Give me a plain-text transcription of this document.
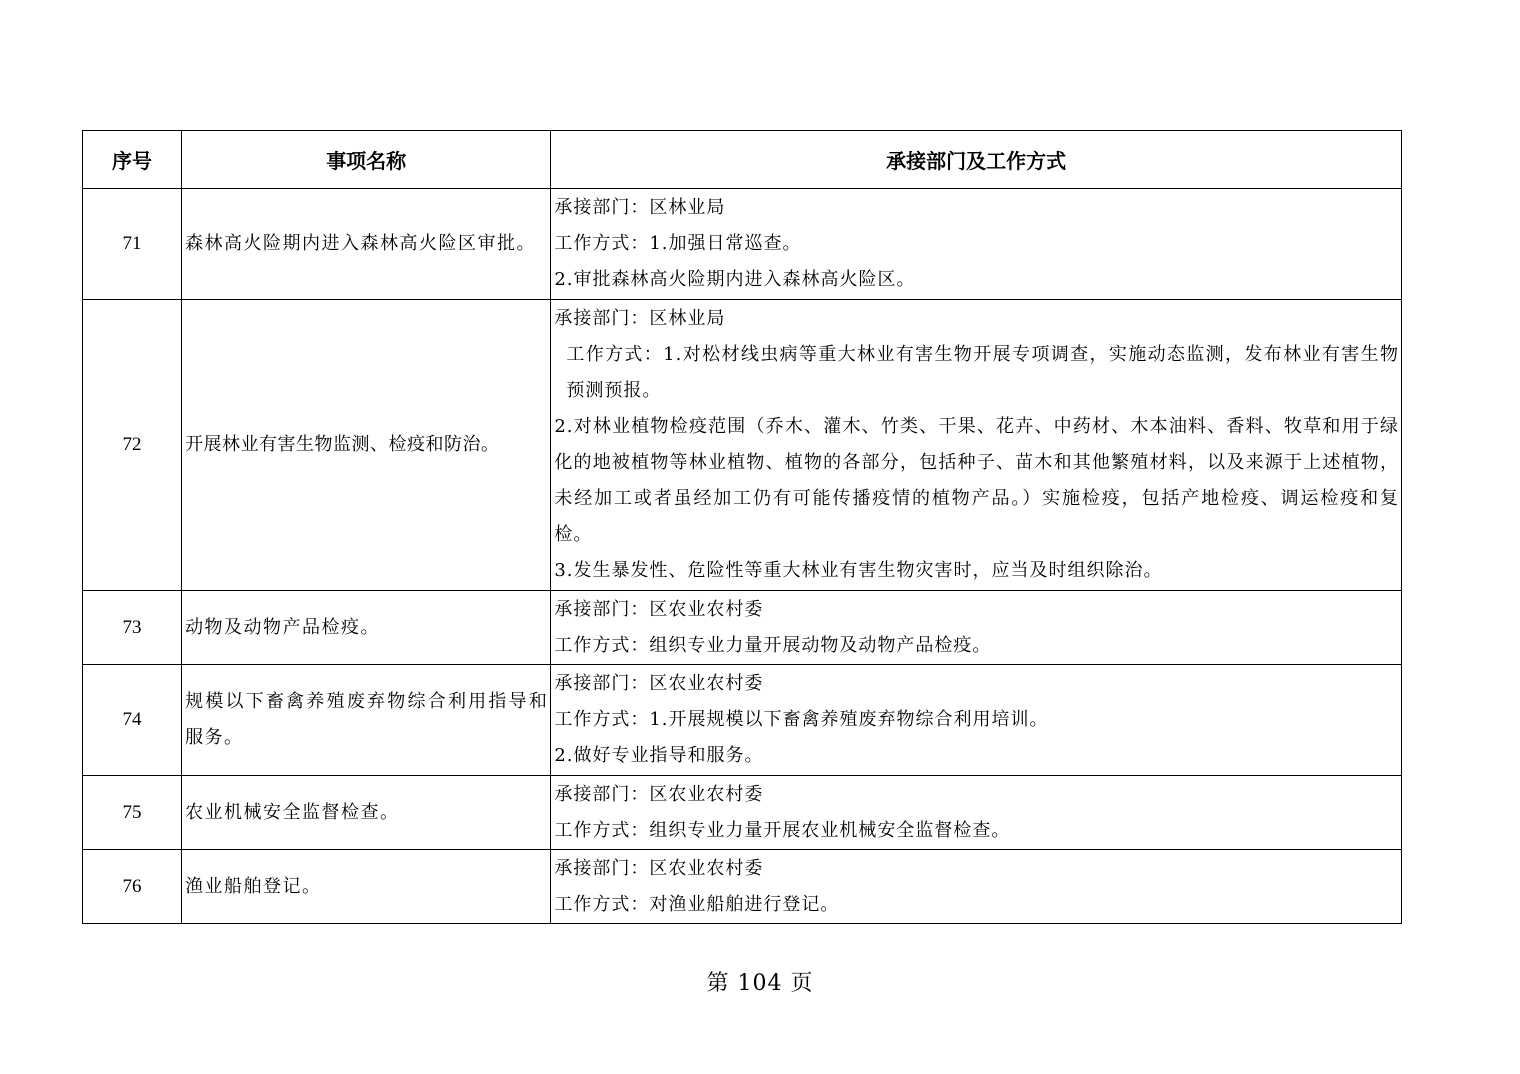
序号	事项名称	承接部门及工作方式
71	森林高火险期内进入森林高火险区审批。	承接部门：区林业局
工作方式：1.加强日常巡查。
2.审批森林高火险期内进入森林高火险区。

72	开展林业有害生物监测、检疫和防治。	承接部门：区林业局
工作方式：1.对松材线虫病等重大林业有害生物开展专项调查，实施动态监测，发布林业有害生物预测预报。
2.对林业植物检疫范围（乔木、灌木、竹类、干果、花卉、中药材、木本油料、香料、牧草和用于绿化的地被植物等林业植物、植物的各部分，包括种子、苗木和其他繁殖材料，以及来源于上述植物，未经加工或者虽经加工仍有可能传播疫情的植物产品。）实施检疫，包括产地检疫、调运检疫和复检。
3.发生暴发性、危险性等重大林业有害生物灾害时，应当及时组织除治。

73	动物及动物产品检疫。	承接部门：区农业农村委
工作方式：组织专业力量开展动物及动物产品检疫。

74	规模以下畜禽养殖废弃物综合利用指导和服务。	承接部门：区农业农村委
工作方式：1.开展规模以下畜禽养殖废弃物综合利用培训。
2.做好专业指导和服务。

75	农业机械安全监督检查。	承接部门：区农业农村委
工作方式：组织专业力量开展农业机械安全监督检查。

76	渔业船舶登记。	承接部门：区农业农村委
工作方式：对渔业船舶进行登记。
第 104 页
